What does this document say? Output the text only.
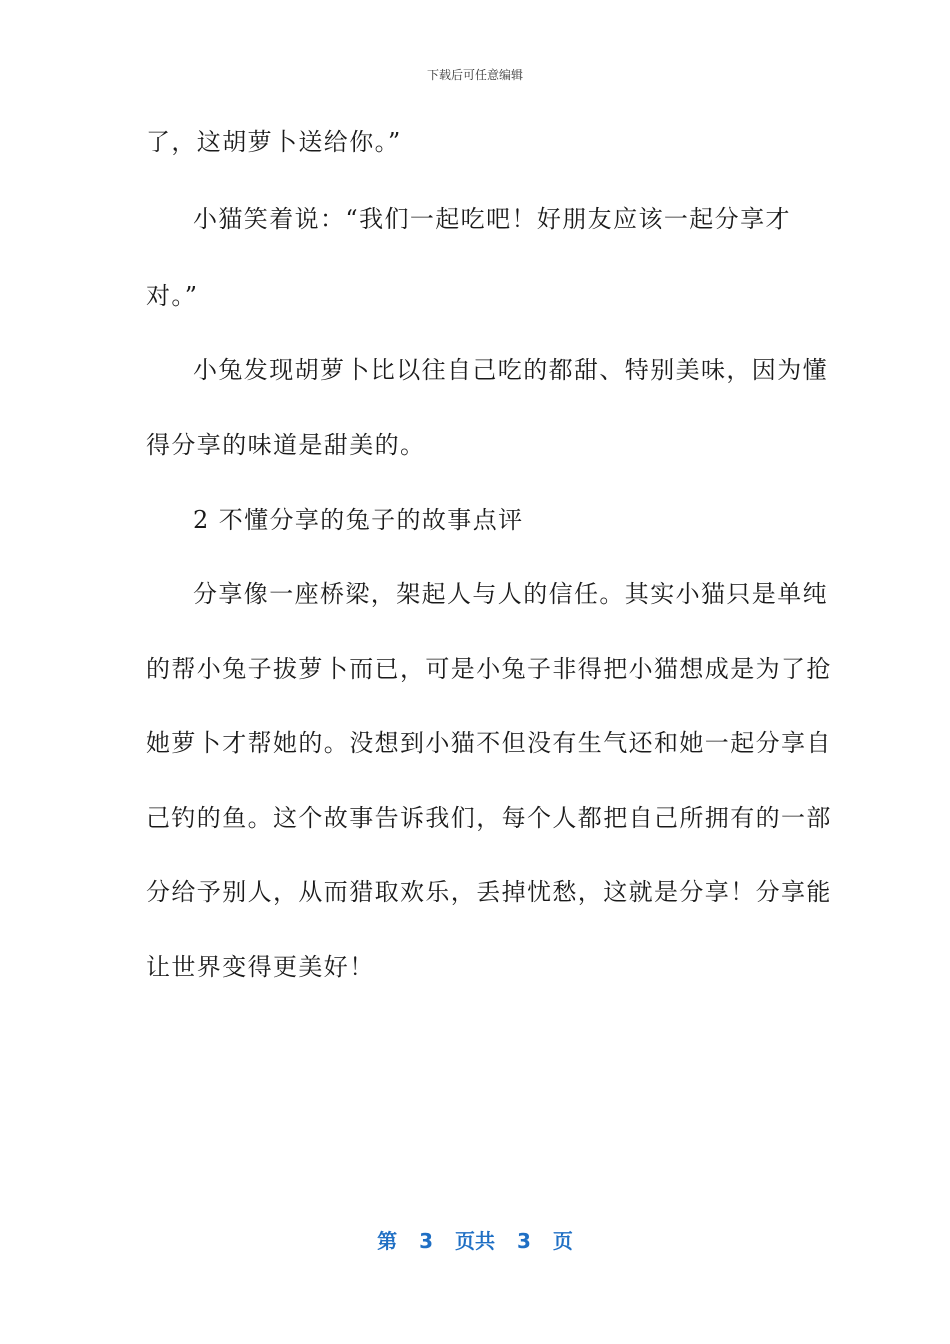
下载后可任意编辑
了，这胡萝卜送给你。”
小猫笑着说：“我们一起吃吧！好朋友应该一起分享才
对。”
小兔发现胡萝卜比以往自己吃的都甜、特别美味，因为懂
得分享的味道是甜美的。
2 不懂分享的兔子的故事点评
分享像一座桥梁，架起人与人的信任。其实小猫只是单纯
的帮小兔子拔萝卜而已，可是小兔子非得把小猫想成是为了抢
她萝卜才帮她的。没想到小猫不但没有生气还和她一起分享自
己钓的鱼。这个故事告诉我们，每个人都把自己所拥有的一部
分给予别人，从而猎取欢乐，丢掉忧愁，这就是分享！分享能
让世界变得更美好！
第 3 页共 3 页
